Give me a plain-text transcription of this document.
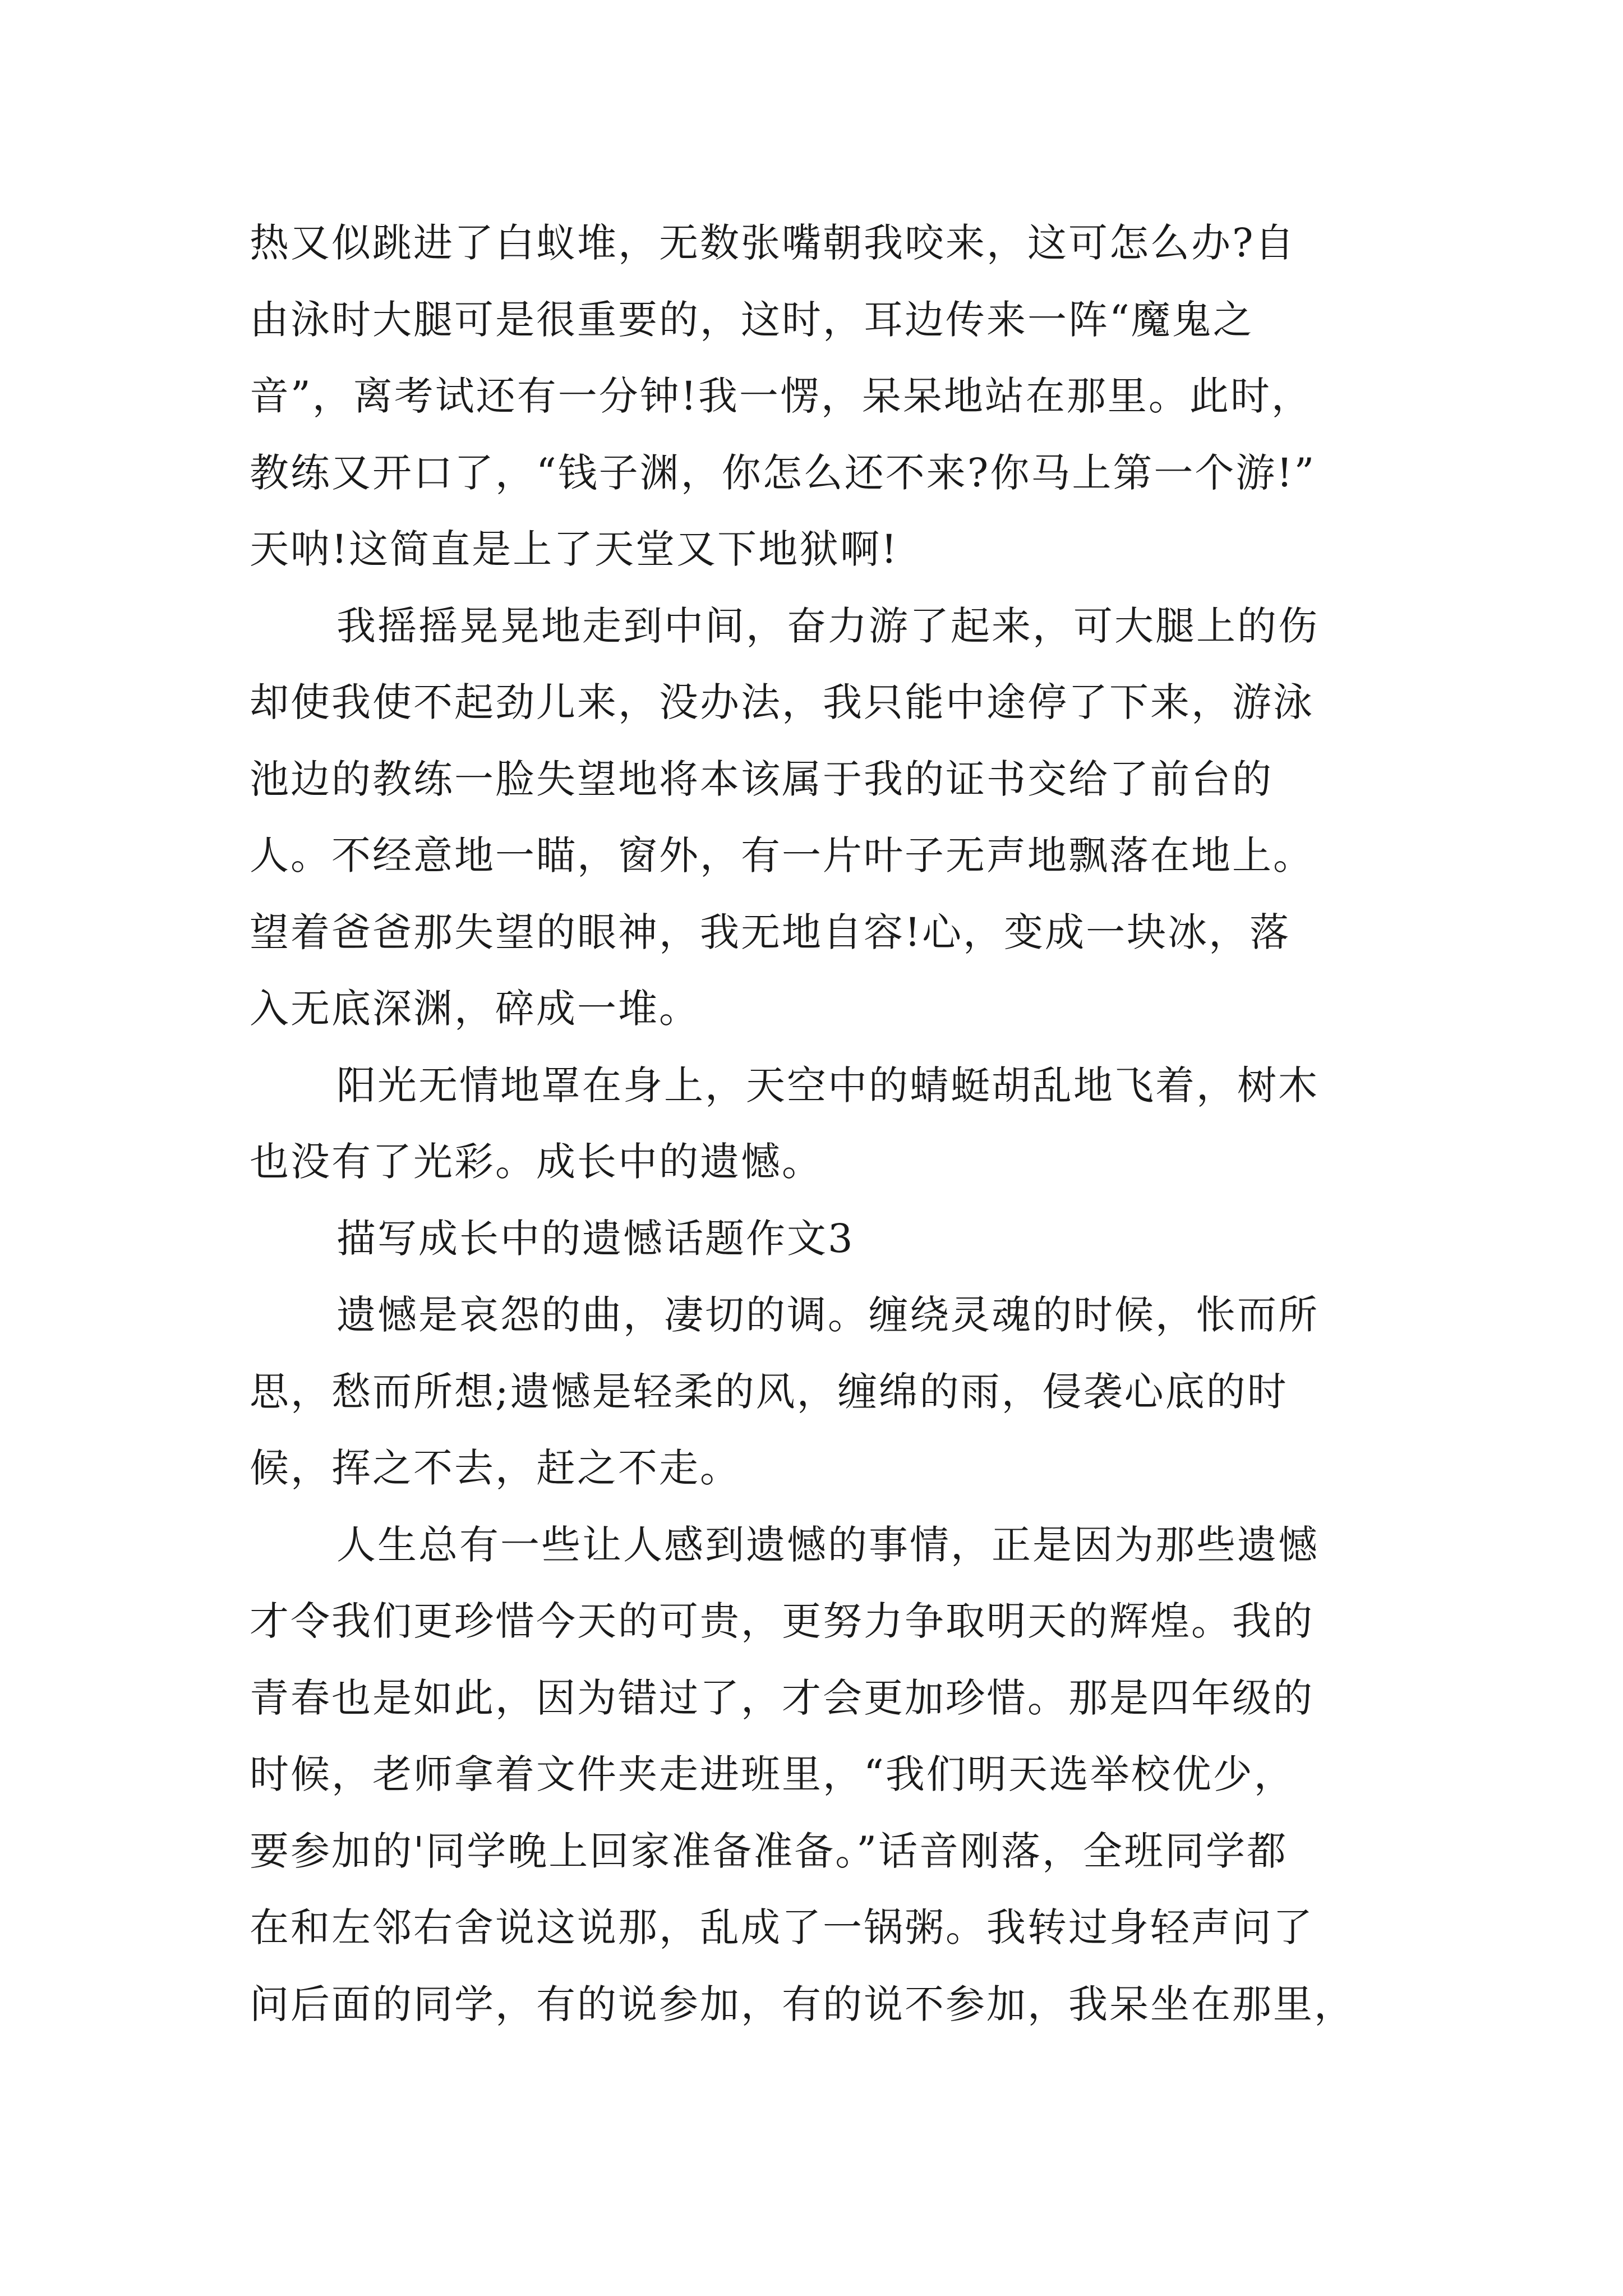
热又似跳进了白蚁堆，无数张嘴朝我咬来，这可怎么办?自
由泳时大腿可是很重要的，这时，耳边传来一阵“魔鬼之
音”，离考试还有一分钟!我一愣，呆呆地站在那里。此时，
教练又开口了，“钱子渊，你怎么还不来?你马上第一个游!”
天呐!这简直是上了天堂又下地狱啊!
我摇摇晃晃地走到中间，奋力游了起来，可大腿上的伤
却使我使不起劲儿来，没办法，我只能中途停了下来，游泳
池边的教练一脸失望地将本该属于我的证书交给了前台的
人。不经意地一瞄，窗外，有一片叶子无声地飘落在地上。
望着爸爸那失望的眼神，我无地自容!心，变成一块冰，落
入无底深渊，碎成一堆。
阳光无情地罩在身上，天空中的蜻蜓胡乱地飞着，树木
也没有了光彩。成长中的遗憾。
描写成长中的遗憾话题作文3
遗憾是哀怨的曲，凄切的调。缠绕灵魂的时候，怅而所
思，愁而所想;遗憾是轻柔的风，缠绵的雨，侵袭心底的时
候，挥之不去，赶之不走。
人生总有一些让人感到遗憾的事情，正是因为那些遗憾
才令我们更珍惜今天的可贵，更努力争取明天的辉煌。我的
青春也是如此，因为错过了，才会更加珍惜。那是四年级的
时候，老师拿着文件夹走进班里，“我们明天选举校优少，
要参加的'同学晚上回家准备准备。”话音刚落，全班同学都
在和左邻右舍说这说那，乱成了一锅粥。我转过身轻声问了
问后面的同学，有的说参加，有的说不参加，我呆坐在那里，
